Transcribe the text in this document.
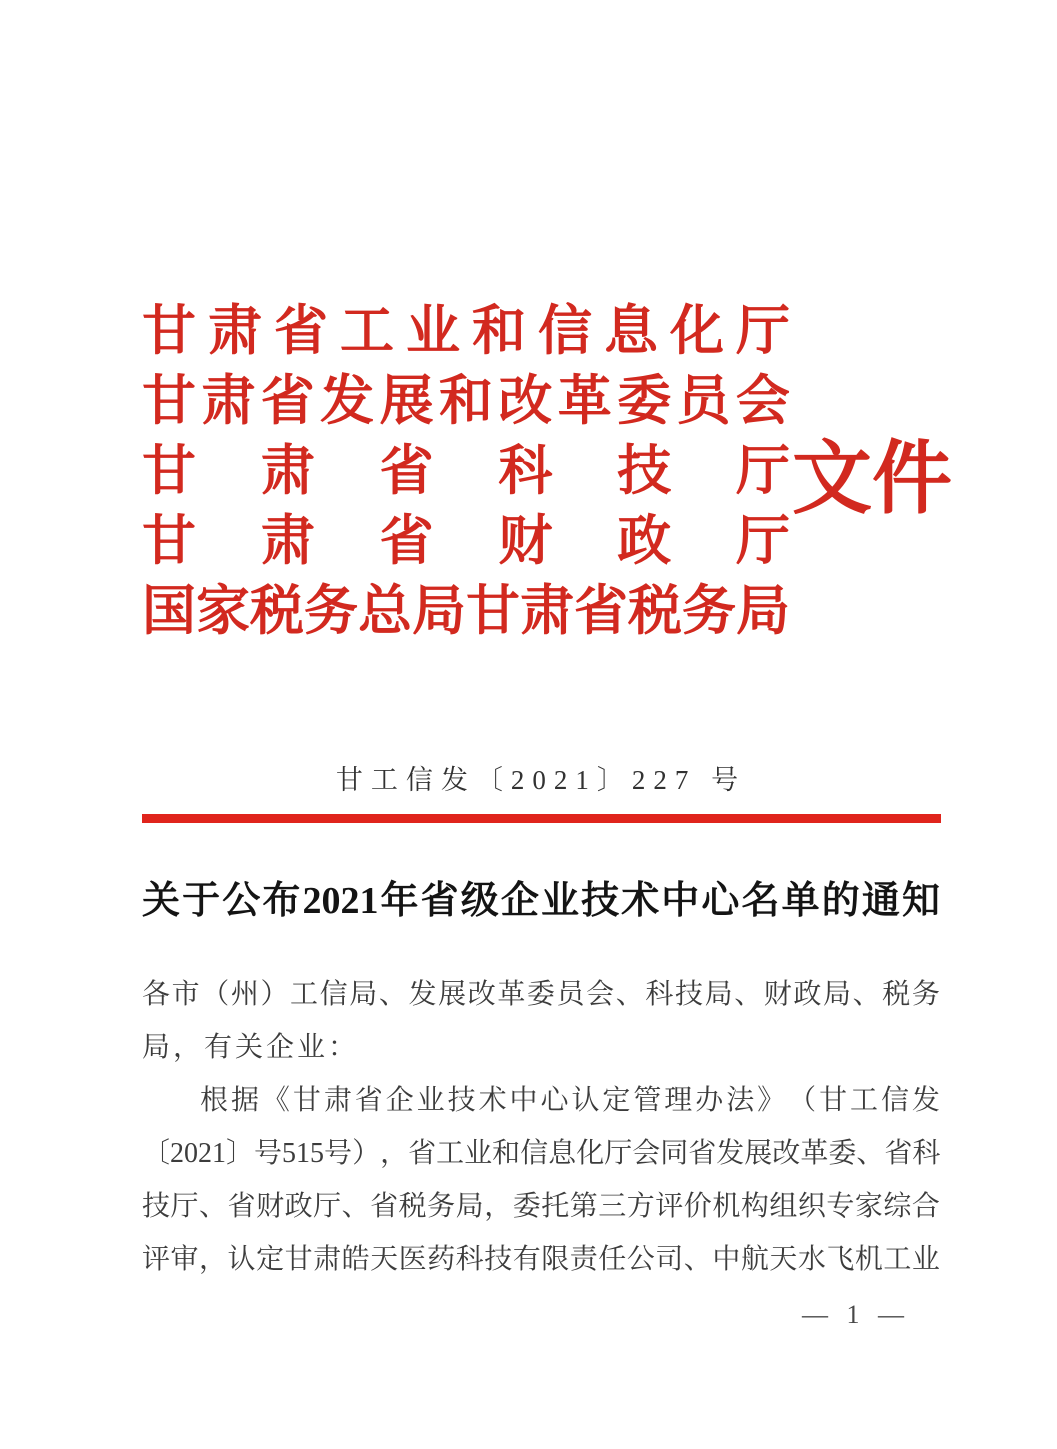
甘 肃 省 工 业 和 信 息 化 厅
甘 肃 省 发 展 和 改 革 委 员 会
甘 肃 省 科 技 厅
甘 肃 省 财 政 厅
国 家 税 务 总 局 甘 肃 省 税 务 局
文件
甘工信发〔2021〕227 号
关 于 公 布 2021 年 省 级 企 业 技 术 中 心 名 单 的 通 知
各 市 （ 州 ） 工 信 局 、 发 展 改 革 委 员 会 、 科 技 局 、 财 政 局 、 税 务
局，有关企业：
根 据 《 甘 肃 省 企 业 技 术 中 心 认 定 管 理 办 法 》 （ 甘 工 信 发
〔 2021 〕 号 515 号 ） ， 省 工 业 和 信 息 化 厅 会 同 省 发 展 改 革 委 、 省 科
技 厅 、 省 财 政 厅 、 省 税 务 局 ， 委 托 第 三 方 评 价 机 构 组 织 专 家 综 合
评 审 ， 认 定 甘 肃 皓 天 医 药 科 技 有 限 责 任 公 司 、 中 航 天 水 飞 机 工 业
— 1 —
